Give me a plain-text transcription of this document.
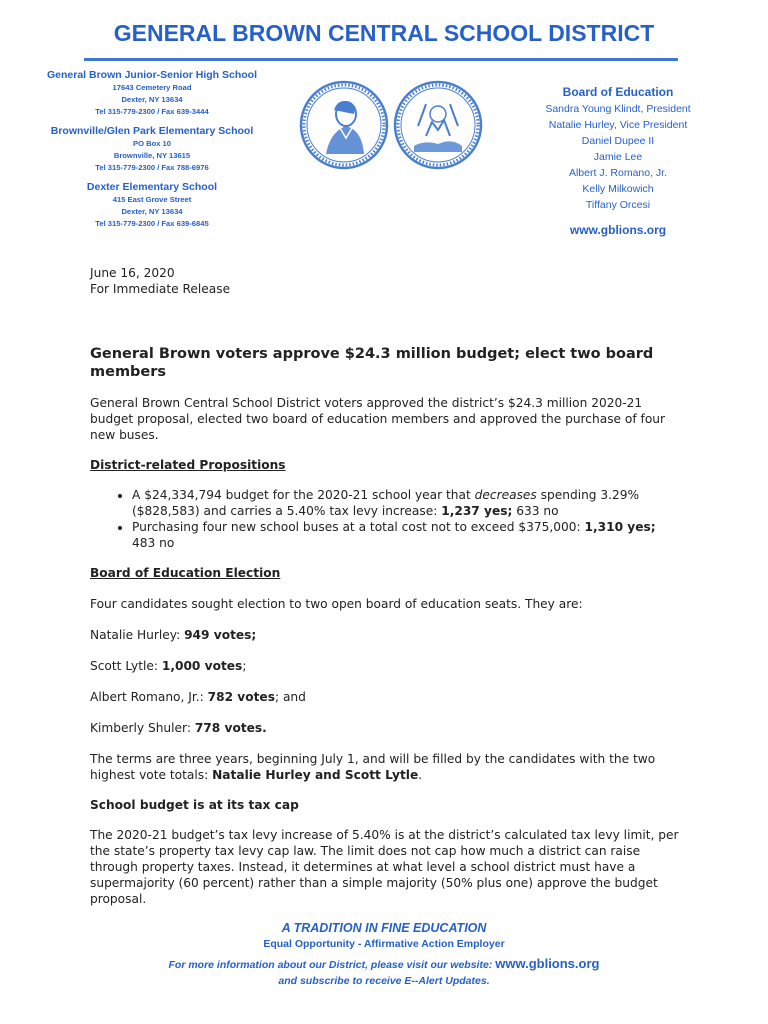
GENERAL BROWN CENTRAL SCHOOL DISTRICT
General Brown Junior-Senior High School
17643 Cemetery Road
Dexter, NY 13634
Tel 315-779-2300 / Fax 639-3444
Brownville/Glen Park Elementary School
PO Box 10
Brownville, NY 13615
Tel 315-779-2300 / Fax 788-6976
Dexter Elementary School
415 East Grove Street
Dexter, NY 13634
Tel 315-779-2300 / Fax 639-6845
Board of Education
Sandra Young Klindt, President
Natalie Hurley, Vice President
Daniel Dupee II
Jamie Lee
Albert J. Romano, Jr.
Kelly Milkowich
Tiffany Orcesi
www.gblions.org

June 16, 2020

For Immediate Release

General Brown voters approve $24.3 million budget; elect two board members

General Brown Central School District voters approved the district’s $24.3 million 2020-21 budget proposal, elected two board of education members and approved the purchase of four new buses.

District-related Propositions

• A $24,334,794 budget for the 2020-21 school year that decreases spending 3.29% ($828,583) and carries a 5.40% tax levy increase: 1,237 yes; 633 no
• Purchasing four new school buses at a total cost not to exceed $375,000: 1,310 yes; 483 no

Board of Education Election

Four candidates sought election to two open board of education seats. They are:

Natalie Hurley: 949 votes;

Scott Lytle: 1,000 votes;

Albert Romano, Jr.: 782 votes; and

Kimberly Shuler: 778 votes.

The terms are three years, beginning July 1, and will be filled by the candidates with the two highest vote totals: Natalie Hurley and Scott Lytle.

School budget is at its tax cap

The 2020-21 budget’s tax levy increase of 5.40% is at the district’s calculated tax levy limit, per the state’s property tax levy cap law. The limit does not cap how much a district can raise through property taxes. Instead, it determines at what level a school district must have a supermajority (60 percent) rather than a simple majority (50% plus one) approve the budget proposal.

A TRADITION IN FINE EDUCATION
Equal Opportunity - Affirmative Action Employer
For more information about our District, please visit our website: www.gblions.org
and subscribe to receive E--Alert Updates.
